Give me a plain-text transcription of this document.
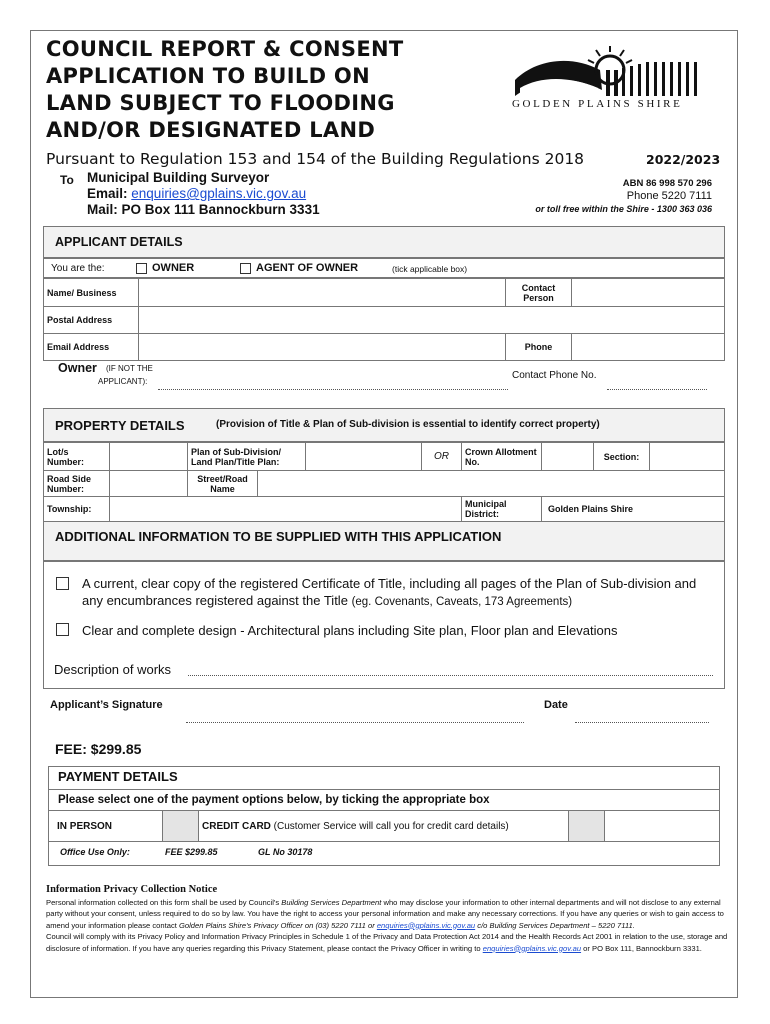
COUNCIL REPORT & CONSENT
APPLICATION TO BUILD ON
LAND SUBJECT TO FLOODING
AND/OR DESIGNATED LAND
GOLDEN PLAINS SHIRE
Pursuant to Regulation 153 and 154 of the Building Regulations 2018	2022/2023
To Municipal Building Surveyor
Email: enquiries@gplains.vic.gov.au
Mail: PO Box 111 Bannockburn 3331
ABN 86 998 570 296
Phone 5220 7111
or toll free within the Shire - 1300 363 036
APPLICANT DETAILS
You are the:	OWNER	AGENT OF OWNER	(tick applicable box)
Name/ Business		Contact Person	
Postal Address			
Email Address		Phone	
Owner (IF NOT THE
APPLICANT):
Contact Phone No.
PROPERTY DETAILS	(Provision of Title & Plan of Sub-division is essential to identify correct property)
Lot/s Number:		Plan of Sub-Division/ Land Plan/Title Plan:		OR	Crown Allotment No.		Section:	
Road Side Number:		Street/Road Name	
Township:		Municipal District:	Golden Plains Shire
ADDITIONAL INFORMATION TO BE SUPPLIED WITH THIS APPLICATION
A current, clear copy of the registered Certificate of Title, including all pages of the Plan of Sub-division and any encumbrances registered against the Title (eg. Covenants, Caveats, 173 Agreements)
Clear and complete design - Architectural plans including Site plan, Floor plan and Elevations
Description of works
Applicant’s Signature	Date
FEE: $299.85
PAYMENT DETAILS
Please select one of the payment options below, by ticking the appropriate box
IN PERSON		CREDIT CARD (Customer Service will call you for credit card details)		
Office Use Only:	FEE $299.85	GL No 30178
Information Privacy Collection Notice
Personal information collected on this form shall be used by Council's Building Services Department who may disclose your information to other internal departments and will not disclose to any external party without your consent, unless required to do so by law. You have the right to access your personal information and make any necessary corrections. If you have any queries or wish to gain access to amend your information please contact Golden Plains Shire's Privacy Officer on (03) 5220 7111 or enquiries@gplains.vic.gov.au c/o Building Services Department – 5220 7111.
Council will comply with its Privacy Policy and Information Privacy Principles in Schedule 1 of the Privacy and Data Protection Act 2014 and the Health Records Act 2001 in relation to the use, storage and disclosure of information. If you have any queries regarding this Privacy Statement, please contact the Privacy Officer in writing to enquiries@gplains.vic.gov.au or PO Box 111, Bannockburn 3331.
